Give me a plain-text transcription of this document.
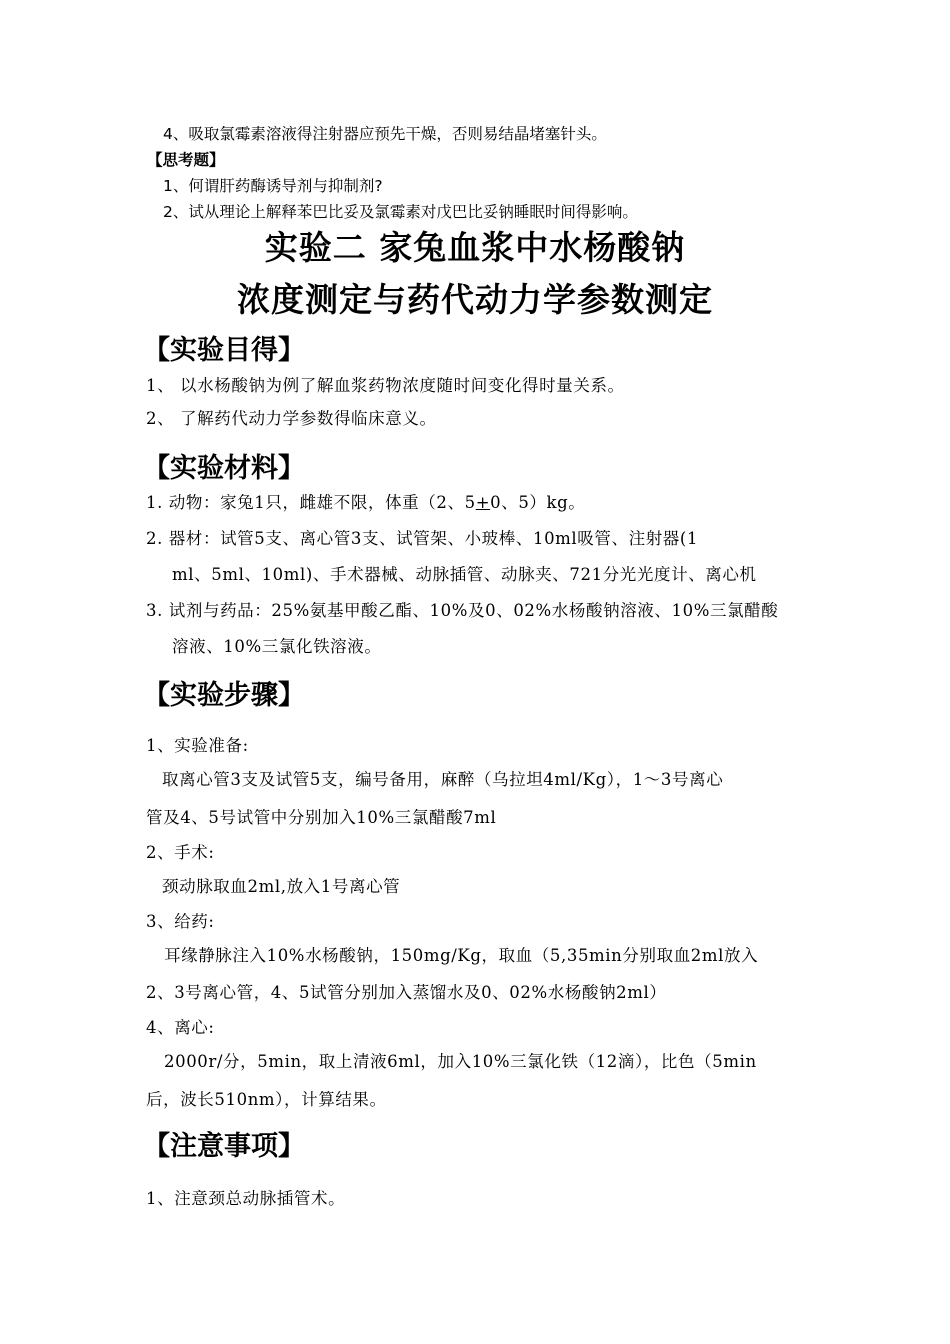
4、吸取氯霉素溶液得注射器应预先干燥，否则易结晶堵塞针头。
【思考题】
1、何谓肝药酶诱导剂与抑制剂?
2、试从理论上解释苯巴比妥及氯霉素对戊巴比妥钠睡眠时间得影响。
实验二 家兔血浆中水杨酸钠
浓度测定与药代动力学参数测定
【实验目得】
1、 以水杨酸钠为例了解血浆药物浓度随时间变化得时量关系。
2、 了解药代动力学参数得临床意义。
【实验材料】
1. 动物：家兔1只，雌雄不限，体重（2、5+0、5）kg。
2. 器材：试管5支、离心管3支、试管架、小玻棒、10ml吸管、注射器(1
ml、5ml、10ml)、手术器械、动脉插管、动脉夹、721分光光度计、离心机
3. 试剂与药品：25%氨基甲酸乙酯、10%及0、02%水杨酸钠溶液、10%三氯醋酸
溶液、10%三氯化铁溶液。
【实验步骤】
1、实验准备:
取离心管3支及试管5支，编号备用，麻醉（乌拉坦4ml/Kg），1～3号离心
管及4、5号试管中分别加入10%三氯醋酸7ml
2、手术:
颈动脉取血2ml,放入1号离心管
3、给药:
耳缘静脉注入10%水杨酸钠，150mg/Kg，取血（5,35min分别取血2ml放入
2、3号离心管，4、5试管分别加入蒸馏水及0、02%水杨酸钠2ml）
4、离心:
2000r/分，5min，取上清液6ml，加入10%三氯化铁（12滴），比色（5min
后，波长510nm），计算结果。
【注意事项】
1、注意颈总动脉插管术。
